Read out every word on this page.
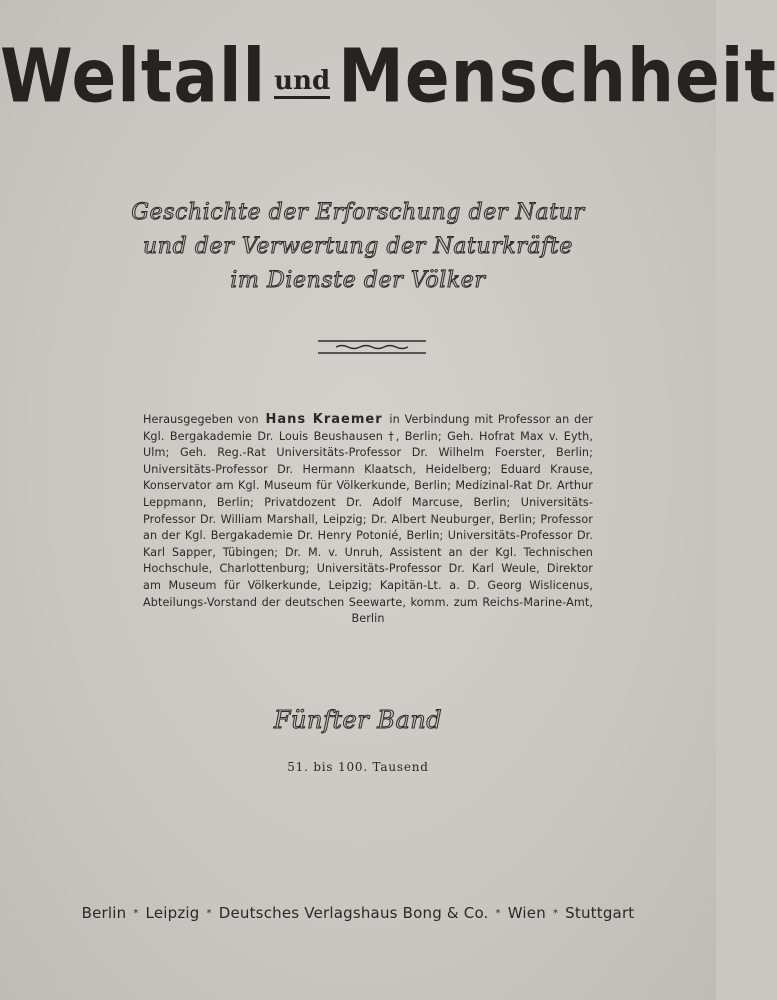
Weltall und Menschheit
Geschichte der Erforschung der Natur
und der Verwertung der Naturkräfte
im Dienste der Völker
Herausgegeben von Hans Kraemer in Verbindung mit Professor an der Kgl. Bergakademie Dr. Louis Beushausen †, Berlin; Geh. Hofrat Max v. Eyth, Ulm; Geh. Reg.-Rat Universitäts-Professor Dr. Wilhelm Foerster, Berlin; Universitäts-Professor Dr. Hermann Klaatsch, Heidelberg; Eduard Krause, Konservator am Kgl. Museum für Völkerkunde, Berlin; Medizinal-Rat Dr. Arthur Leppmann, Berlin; Privatdozent Dr. Adolf Marcuse, Berlin; Universitäts-Professor Dr. William Marshall, Leipzig; Dr. Albert Neuburger, Berlin; Professor an der Kgl. Bergakademie Dr. Henry Potonié, Berlin; Universitäts-Professor Dr. Karl Sapper, Tübingen; Dr. M. v. Unruh, Assistent an der Kgl. Technischen Hochschule, Charlottenburg; Universitäts-Professor Dr. Karl Weule, Direktor am Museum für Völkerkunde, Leipzig; Kapitän-Lt. a. D. Georg Wislicenus, Abteilungs-Vorstand der deutschen Seewarte, komm. zum Reichs-Marine-Amt, Berlin
Fünfter Band
51. bis 100. Tausend
Berlin * Leipzig * Deutsches Verlagshaus Bong & Co. * Wien * Stuttgart
